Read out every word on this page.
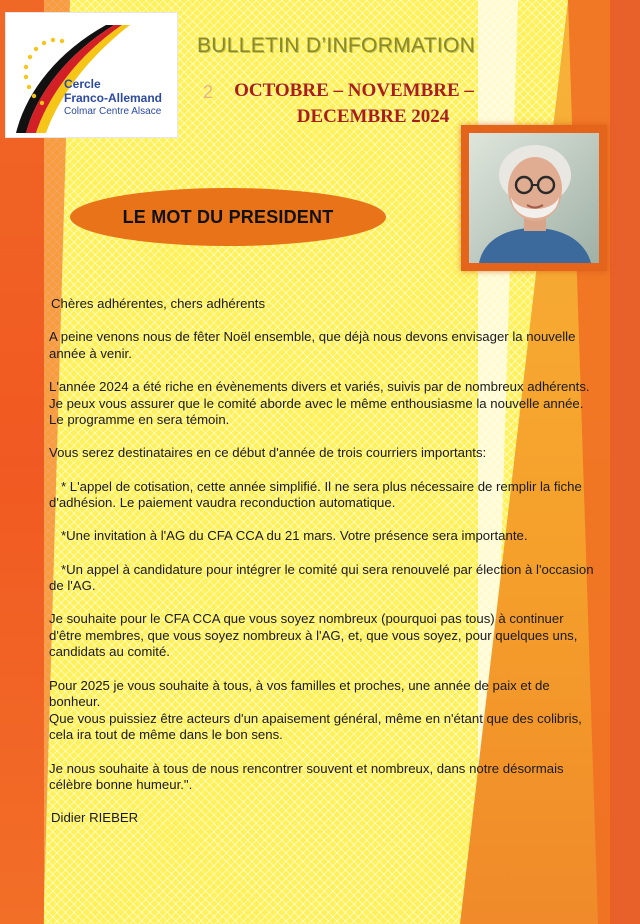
Cercle
Franco-Allemand
Colmar Centre Alsace
BULLETIN D’INFORMATION
2 OCTOBRE – NOVEMBRE –
DECEMBRE 2024
LE MOT DU PRESIDENT

Chères adhérentes, chers adhérents

A peine venons nous de fêter Noël ensemble, que déjà nous devons envisager la nouvelle année à venir.

L'année 2024 a été riche en évènements divers et variés, suivis par de nombreux adhérents.
Je peux vous assurer que le comité aborde avec le même enthousiasme la nouvelle année. Le programme en sera témoin.

Vous serez destinataires en ce début d'année de trois courriers importants:

* L'appel de cotisation, cette année simplifié. Il ne sera plus nécessaire de remplir la fiche d'adhésion. Le paiement vaudra reconduction automatique.

*Une invitation à l'AG du CFA CCA du 21 mars. Votre présence sera importante.

*Un appel à candidature pour intégrer le comité qui sera renouvelé par élection à l'occasion de l'AG.

Je souhaite pour le CFA CCA que vous soyez nombreux (pourquoi pas tous) à continuer d'être membres, que vous soyez nombreux à l'AG, et, que vous soyez, pour quelques uns, candidats au comité.

Pour 2025 je vous souhaite à tous, à vos familles et proches, une année de paix et de bonheur.
Que vous puissiez être acteurs d'un apaisement général, même en n'étant que des colibris, cela ira tout de même dans le bon sens.

Je nous souhaite à tous de nous rencontrer souvent et nombreux, dans notre désormais célèbre bonne humeur.".

Didier RIEBER
